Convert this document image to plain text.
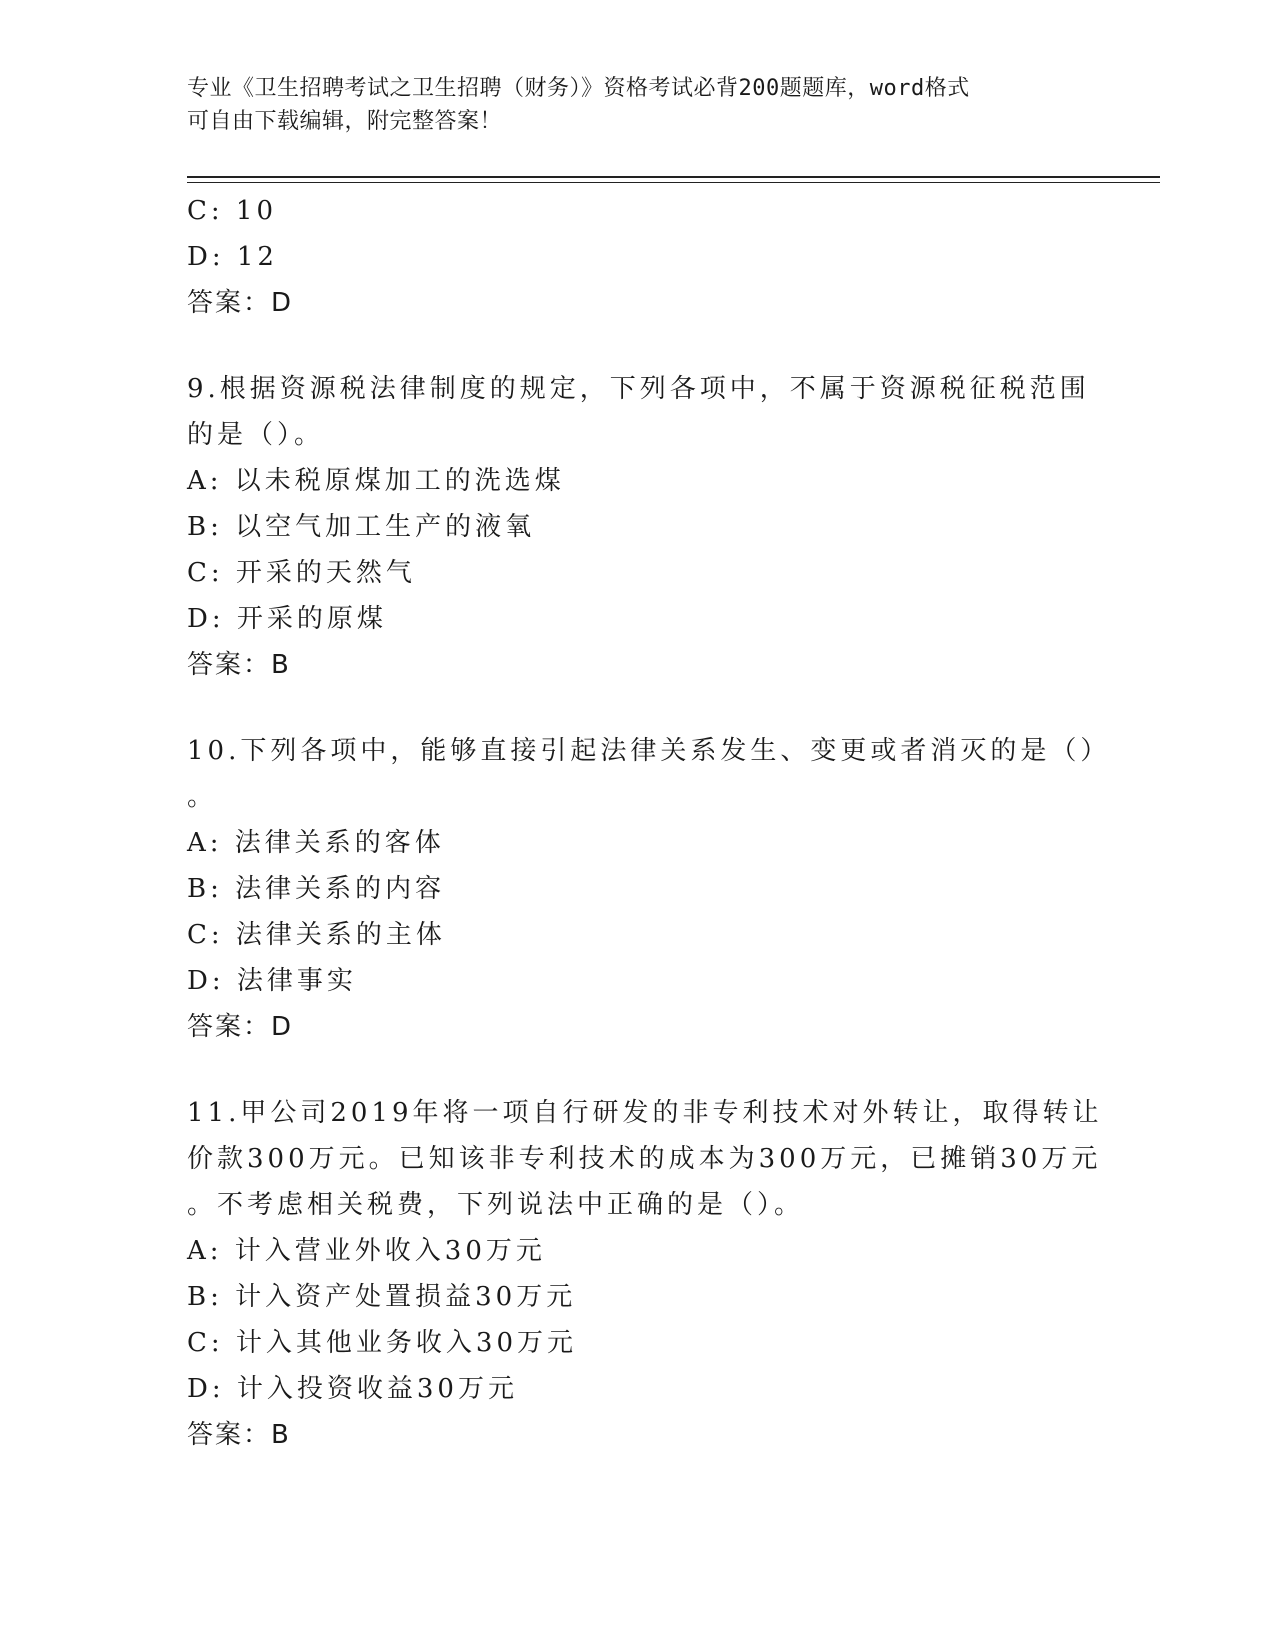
专业《卫生招聘考试之卫生招聘（财务）》资格考试必背200题题库，word格式
可自由下载编辑，附完整答案！
C: 10
D: 12
答案：D
9.根据资源税法律制度的规定，下列各项中，不属于资源税征税范围
的是（）。
A: 以未税原煤加工的洗选煤
B: 以空气加工生产的液氧
C: 开采的天然气
D: 开采的原煤
答案：B
10.下列各项中，能够直接引起法律关系发生、变更或者消灭的是（）
。
A: 法律关系的客体
B: 法律关系的内容
C: 法律关系的主体
D: 法律事实
答案：D
11.甲公司2019年将一项自行研发的非专利技术对外转让，取得转让
价款300万元。已知该非专利技术的成本为300万元，已摊销30万元
。不考虑相关税费，下列说法中正确的是（）。
A: 计入营业外收入30万元
B: 计入资产处置损益30万元
C: 计入其他业务收入30万元
D: 计入投资收益30万元
答案：B
